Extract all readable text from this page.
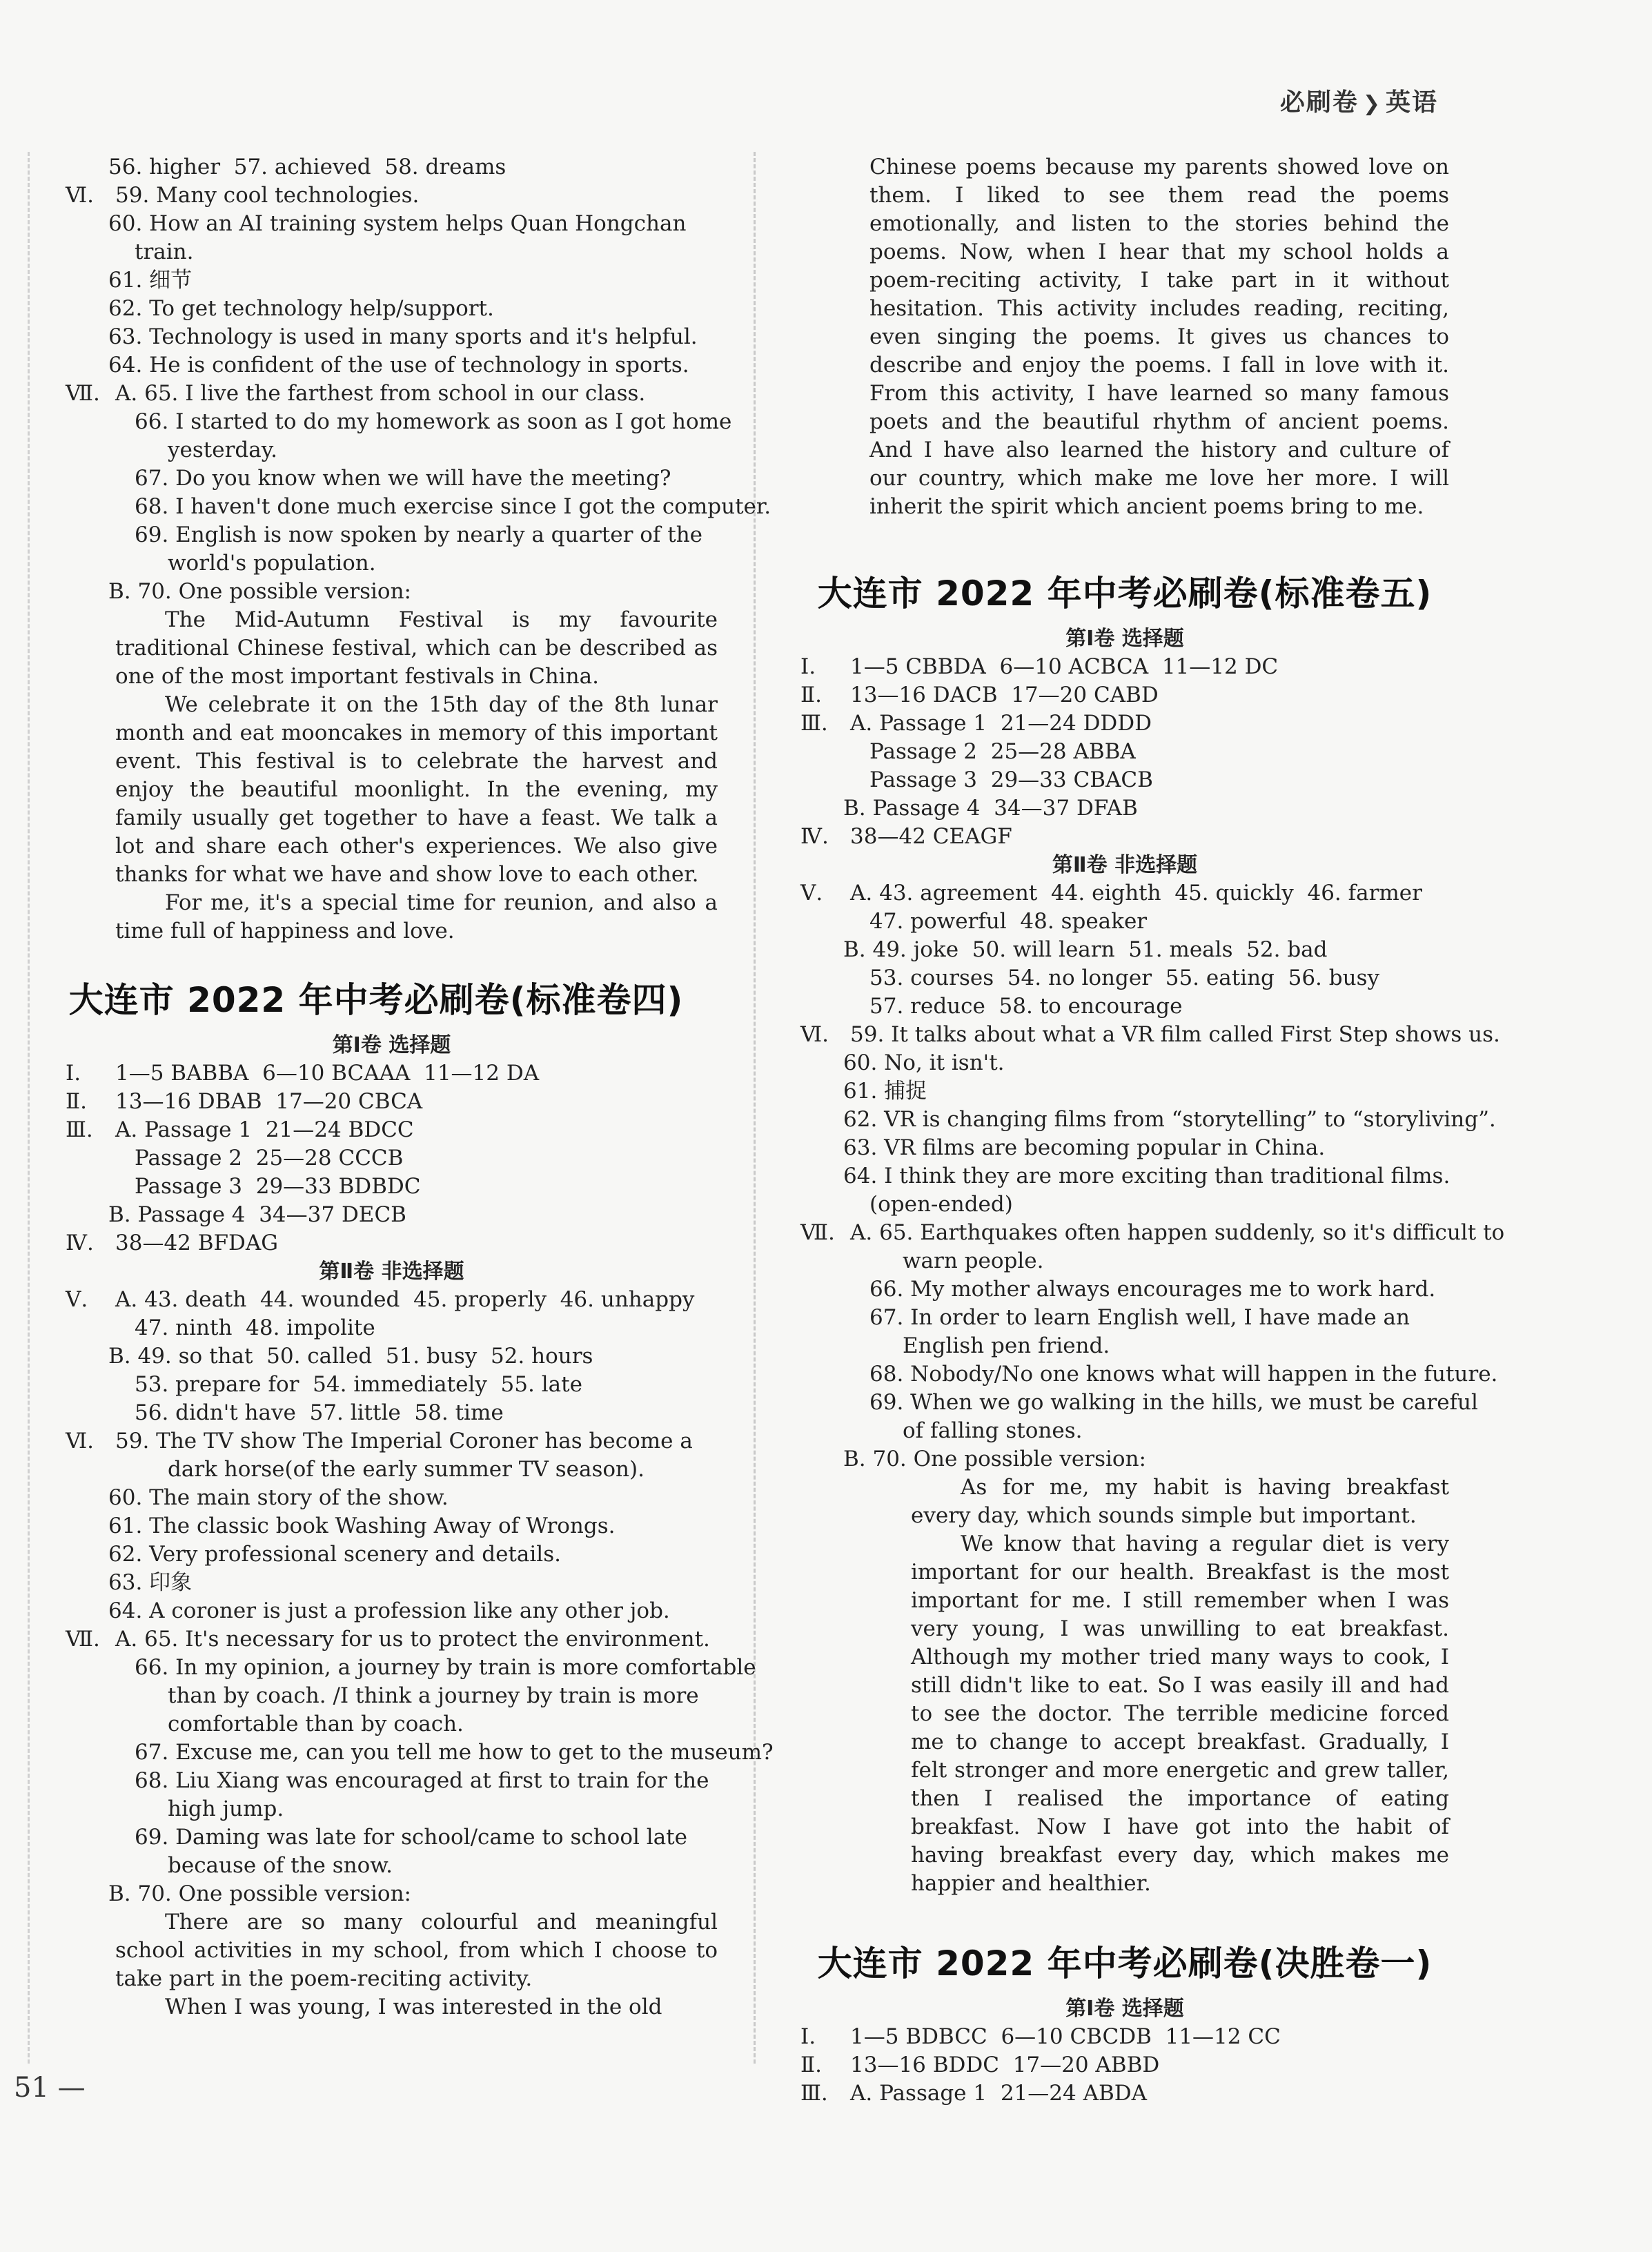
必刷卷 ❯ 英语
56. higher  57. achieved  58. dreams
Ⅵ. 59. Many cool technologies.
60. How an AI training system helps Quan Hongchan
train.
61. 细节
62. To get technology help/support.
63. Technology is used in many sports and it's helpful.
64. He is confident of the use of technology in sports.
Ⅶ. A. 65. I live the farthest from school in our class.
66. I started to do my homework as soon as I got home
yesterday.
67. Do you know when we will have the meeting?
68. I haven't done much exercise since I got the computer.
69. English is now spoken by nearly a quarter of the
world's population.
B. 70. One possible version:
The Mid-Autumn Festival is my favourite traditional Chinese festival, which can be described as one of the most important festivals in China.
We celebrate it on the 15th day of the 8th lunar month and eat mooncakes in memory of this important event. This festival is to celebrate the harvest and enjoy the beautiful moonlight. In the evening, my family usually get together to have a feast. We talk a lot and share each other's experiences. We also give thanks for what we have and show love to each other.
For me, it's a special time for reunion, and also a time full of happiness and love.
大连市 2022 年中考必刷卷(标准卷四)
第Ⅰ卷 选择题
Ⅰ. 1—5 BABBA  6—10 BCAAA  11—12 DA
Ⅱ. 13—16 DBAB  17—20 CBCA
Ⅲ. A. Passage 1  21—24 BDCC
Passage 2  25—28 CCCB
Passage 3  29—33 BDBDC
B. Passage 4  34—37 DECB
Ⅳ. 38—42 BFDAG
第Ⅱ卷 非选择题
Ⅴ. A. 43. death  44. wounded  45. properly  46. unhappy
47. ninth  48. impolite
B. 49. so that  50. called  51. busy  52. hours
53. prepare for  54. immediately  55. late
56. didn't have  57. little  58. time
Ⅵ. 59. The TV show The Imperial Coroner has become a
dark horse(of the early summer TV season).
60. The main story of the show.
61. The classic book Washing Away of Wrongs.
62. Very professional scenery and details.
63. 印象
64. A coroner is just a profession like any other job.
Ⅶ. A. 65. It's necessary for us to protect the environment.
66. In my opinion, a journey by train is more comfortable
than by coach. /I think a journey by train is more
comfortable than by coach.
67. Excuse me, can you tell me how to get to the museum?
68. Liu Xiang was encouraged at first to train for the
high jump.
69. Daming was late for school/came to school late
because of the snow.
B. 70. One possible version:
There are so many colourful and meaningful school activities in my school, from which I choose to take part in the poem-reciting activity.
When I was young, I was interested in the old
Chinese poems because my parents showed love on them. I liked to see them read the poems emotionally, and listen to the stories behind the poems. Now, when I hear that my school holds a poem-reciting activity, I take part in it without hesitation. This activity includes reading, reciting, even singing the poems. It gives us chances to describe and enjoy the poems. I fall in love with it. From this activity, I have learned so many famous poets and the beautiful rhythm of ancient poems. And I have also learned the history and culture of our country, which make me love her more. I will inherit the spirit which ancient poems bring to me.
大连市 2022 年中考必刷卷(标准卷五)
第Ⅰ卷 选择题
Ⅰ. 1—5 CBBDA  6—10 ACBCA  11—12 DC
Ⅱ. 13—16 DACB  17—20 CABD
Ⅲ. A. Passage 1  21—24 DDDD
Passage 2  25—28 ABBA
Passage 3  29—33 CBACB
B. Passage 4  34—37 DFAB
Ⅳ. 38—42 CEAGF
第Ⅱ卷 非选择题
Ⅴ. A. 43. agreement  44. eighth  45. quickly  46. farmer
47. powerful  48. speaker
B. 49. joke  50. will learn  51. meals  52. bad
53. courses  54. no longer  55. eating  56. busy
57. reduce  58. to encourage
Ⅵ. 59. It talks about what a VR film called First Step shows us.
60. No, it isn't.
61. 捕捉
62. VR is changing films from “storytelling” to “storyliving”.
63. VR films are becoming popular in China.
64. I think they are more exciting than traditional films.
(open-ended)
Ⅶ. A. 65. Earthquakes often happen suddenly, so it's difficult to
warn people.
66. My mother always encourages me to work hard.
67. In order to learn English well, I have made an
English pen friend.
68. Nobody/No one knows what will happen in the future.
69. When we go walking in the hills, we must be careful
of falling stones.
B. 70. One possible version:
As for me, my habit is having breakfast every day, which sounds simple but important.
We know that having a regular diet is very important for our health. Breakfast is the most important for me. I still remember when I was very young, I was unwilling to eat breakfast. Although my mother tried many ways to cook, I still didn't like to eat. So I was easily ill and had to see the doctor. The terrible medicine forced me to change to accept breakfast. Gradually, I felt stronger and more energetic and grew taller, then I realised the importance of eating breakfast. Now I have got into the habit of having breakfast every day, which makes me happier and healthier.
大连市 2022 年中考必刷卷(决胜卷一)
第Ⅰ卷 选择题
Ⅰ. 1—5 BDBCC  6—10 CBCDB  11—12 CC
Ⅱ. 13—16 BDDC  17—20 ABBD
Ⅲ. A. Passage 1  21—24 ABDA
51 —
